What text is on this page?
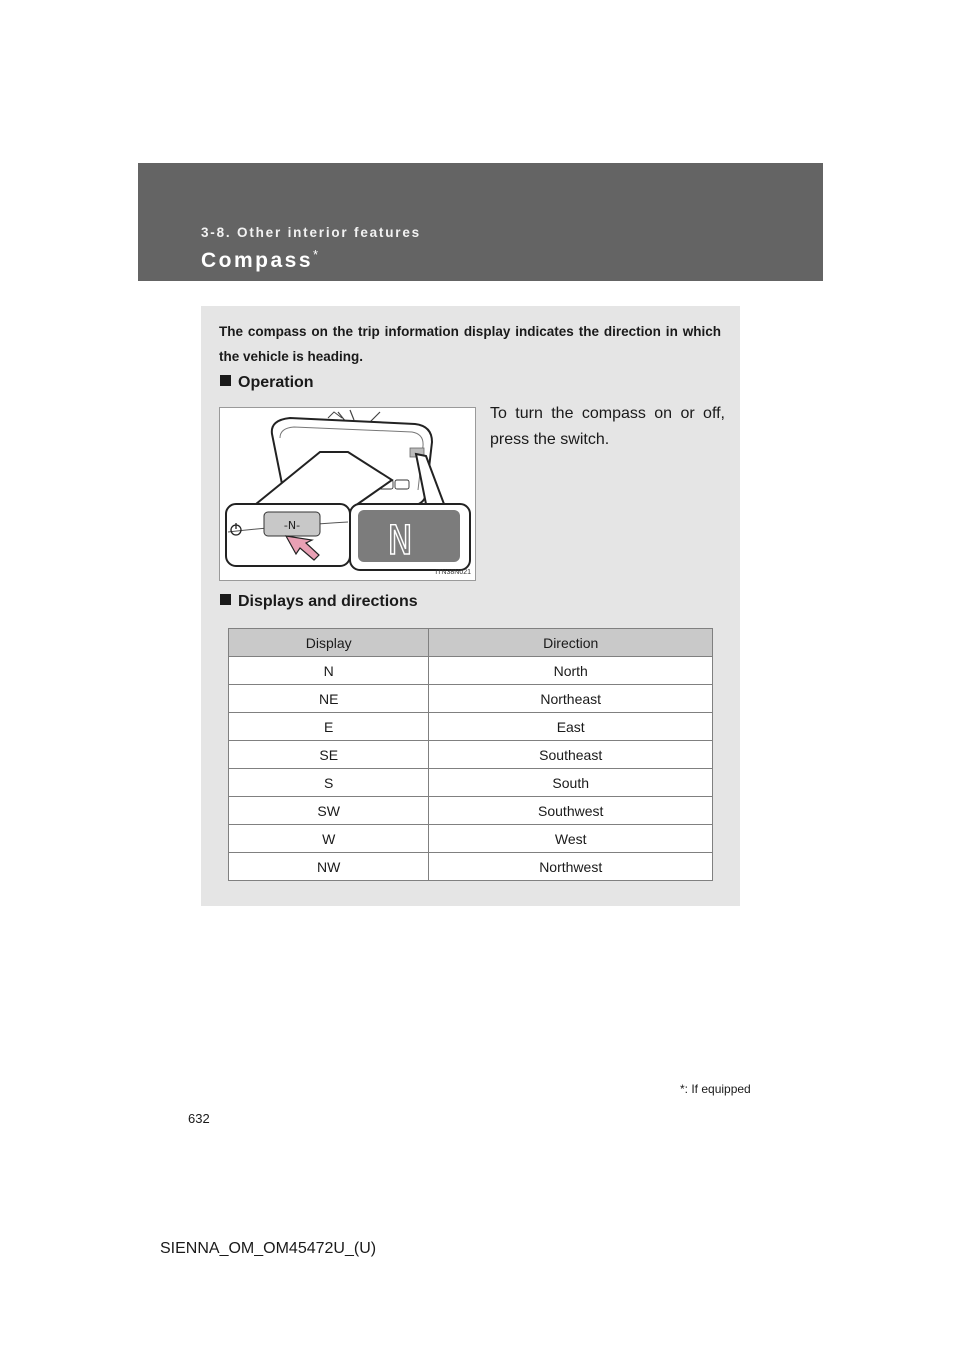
3-8. Other interior features
Compass*
The compass on the trip information display indicates the direction in which the vehicle is heading.
Operation
-N- N
ITN38N021
To turn the compass on or off, press the switch.
Displays and directions
Display	Direction
N	North
NE	Northeast
E	East
SE	Southeast
S	South
SW	Southwest
W	West
NW	Northwest
*: If equipped
632
SIENNA_OM_OM45472U_(U)
